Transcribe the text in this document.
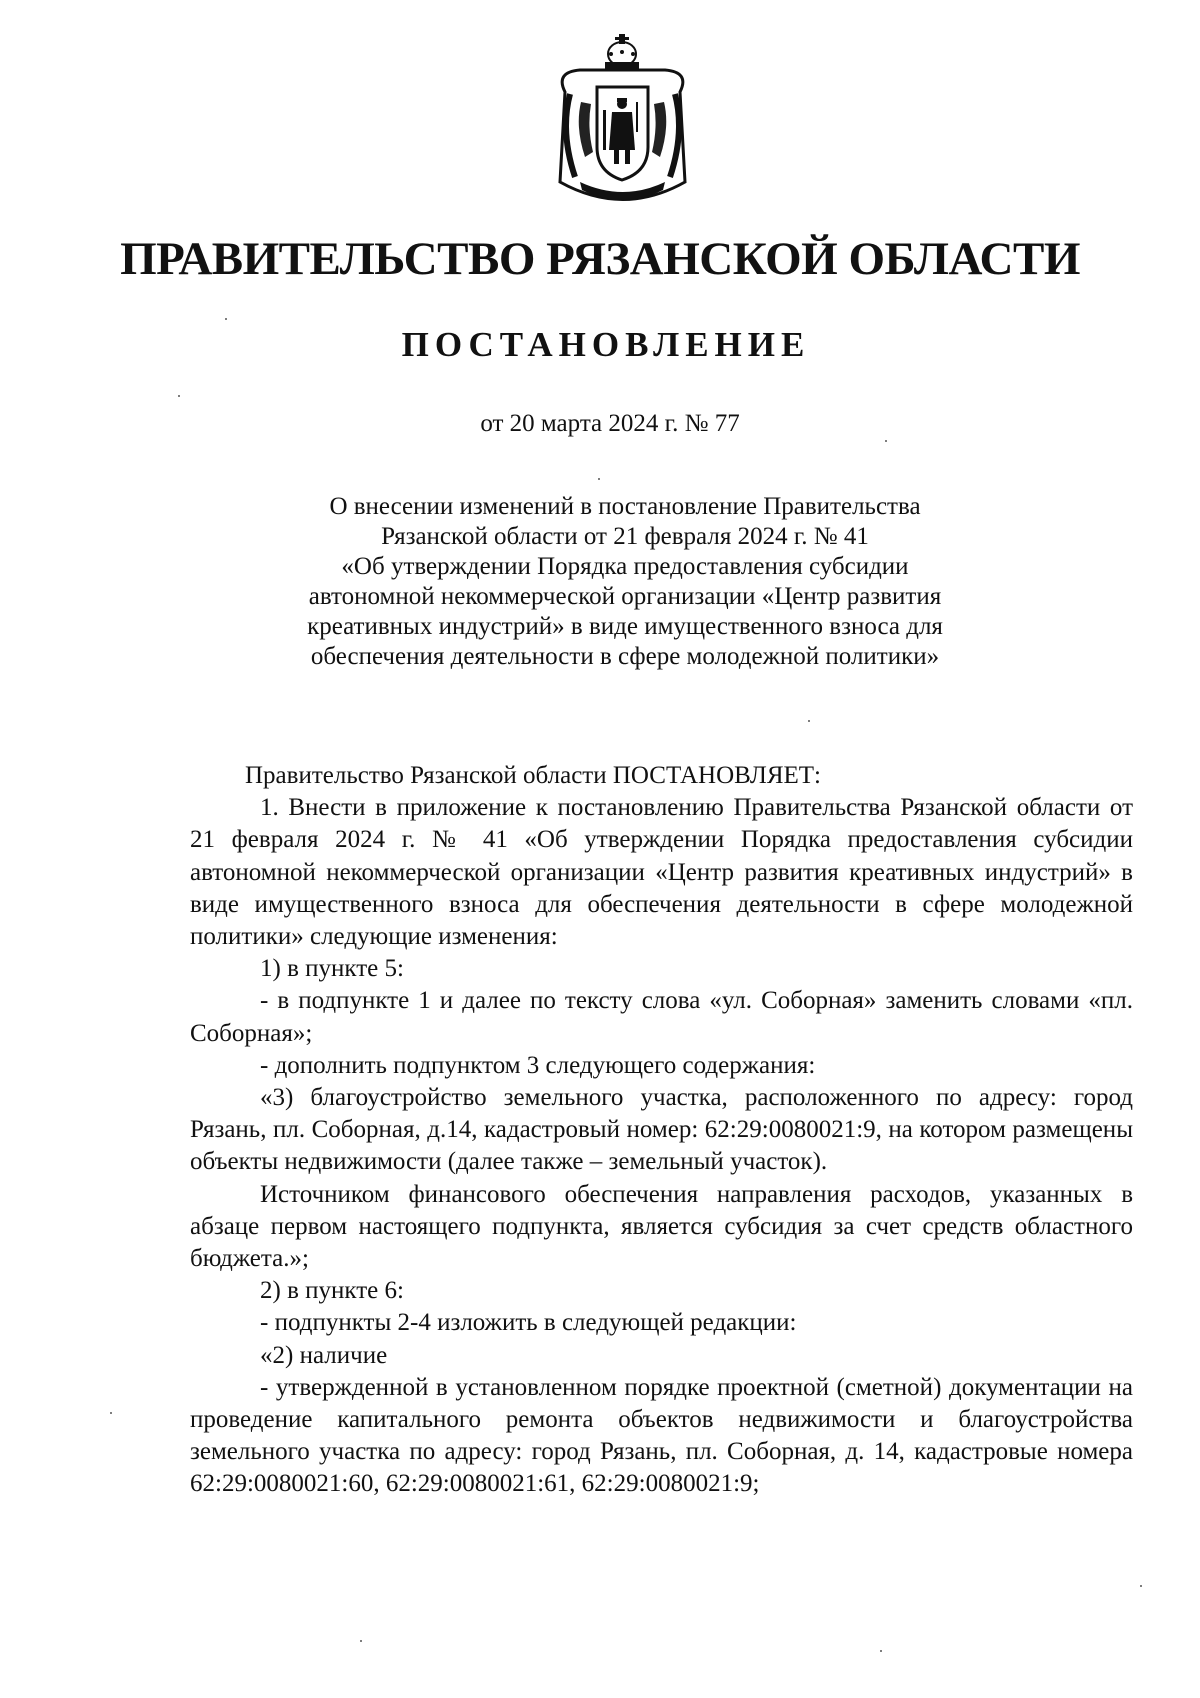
ПРАВИТЕЛЬСТВО РЯЗАНСКОЙ ОБЛАСТИ
ПОСТАНОВЛЕНИЕ

от 20 марта 2024 г. № 77

О внесении изменений в постановление Правительства
Рязанской области от 21 февраля 2024 г. № 41
«Об утверждении Порядка предоставления субсидии
автономной некоммерческой организации «Центр развития
креативных индустрий» в виде имущественного взноса для
обеспечения деятельности в сфере молодежной политики»

Правительство Рязанской области ПОСТАНОВЛЯЕТ:

1. Внести в приложение к постановлению Правительства Рязанской области от 21 февраля 2024 г. № 41 «Об утверждении Порядка предоставления субсидии автономной некоммерческой организации «Центр развития креативных индустрий» в виде имущественного взноса для обеспечения деятельности в сфере молодежной политики» следующие изменения:

1) в пункте 5:

- в подпункте 1 и далее по тексту слова «ул. Соборная» заменить словами «пл. Соборная»;

- дополнить подпунктом 3 следующего содержания:

«3) благоустройство земельного участка, расположенного по адресу: город Рязань, пл. Соборная, д.14, кадастровый номер: 62:29:0080021:9, на котором размещены объекты недвижимости (далее также – земельный участок).

Источником финансового обеспечения направления расходов, указанных в абзаце первом настоящего подпункта, является субсидия за счет средств областного бюджета.»;

2) в пункте 6:

- подпункты 2-4 изложить в следующей редакции:

«2) наличие

- утвержденной в установленном порядке проектной (сметной) документации на проведение капитального ремонта объектов недвижимости и благоустройства земельного участка по адресу: город Рязань, пл. Соборная, д. 14, кадастровые номера 62:29:0080021:60, 62:29:0080021:61, 62:29:0080021:9;
